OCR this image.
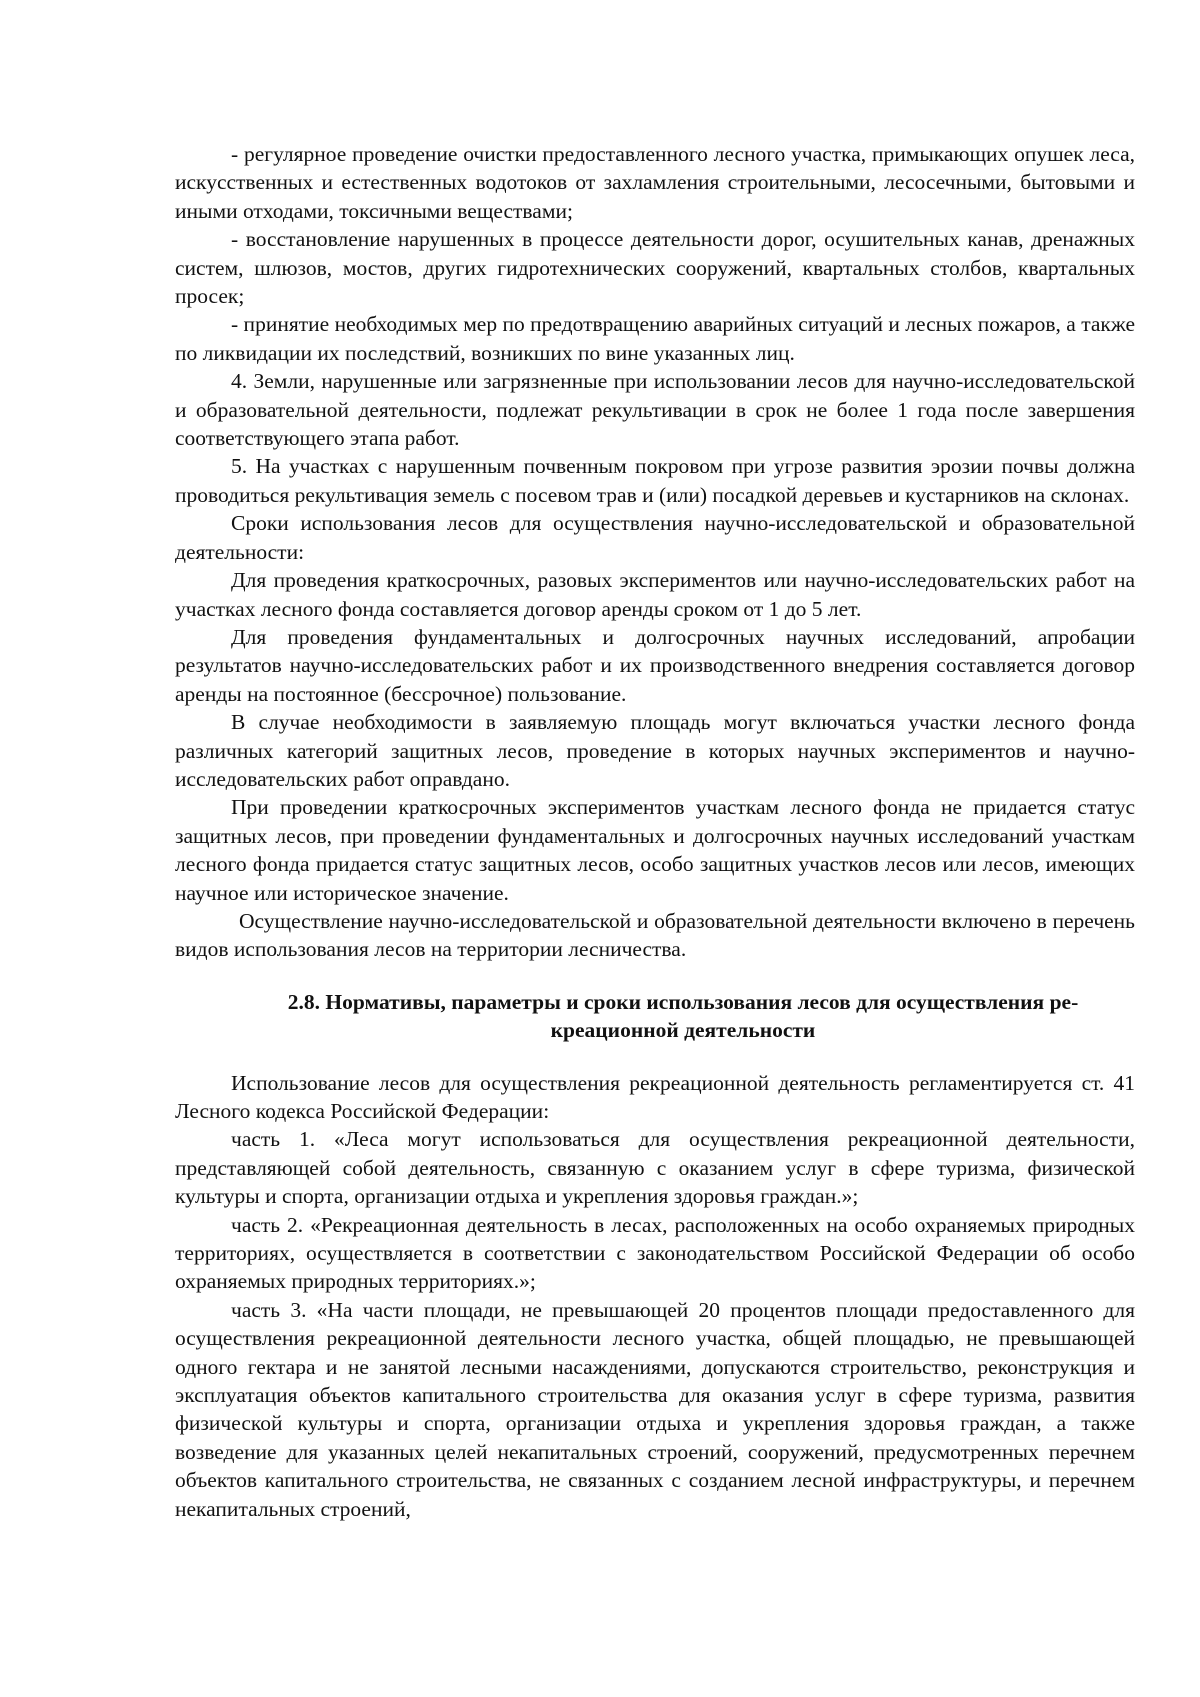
- регулярное проведение очистки предоставленного лесного участка, примыкающих опушек леса, искусственных и естественных водотоков от захламления строительными, лесосечными, бытовыми и иными отходами, токсичными веществами;

- восстановление нарушенных в процессе деятельности дорог, осушительных канав, дренажных систем, шлюзов, мостов, других гидротехнических сооружений, квартальных столбов, квартальных просек;

- принятие необходимых мер по предотвращению аварийных ситуаций и лесных пожаров, а также по ликвидации их последствий, возникших по вине указанных лиц.

4. Земли, нарушенные или загрязненные при использовании лесов для научно-исследовательской и образовательной деятельности, подлежат рекультивации в срок не более 1 года после завершения соответствующего этапа работ.

5. На участках с нарушенным почвенным покровом при угрозе развития эрозии почвы должна проводиться рекультивация земель с посевом трав и (или) посадкой деревьев и кустарников на склонах.

Сроки использования лесов для осуществления научно-исследовательской и образовательной деятельности:

Для проведения краткосрочных, разовых экспериментов или научно-исследовательских работ на участках лесного фонда составляется договор аренды сроком от 1 до 5 лет.

Для проведения фундаментальных и долгосрочных научных исследований, апробации результатов научно-исследовательских работ и их производственного внедрения составляется договор аренды на постоянное (бессрочное) пользование.

В случае необходимости в заявляемую площадь могут включаться участки лесного фонда различных категорий защитных лесов, проведение в которых научных экспериментов и научно-исследовательских работ оправдано.

При проведении краткосрочных экспериментов участкам лесного фонда не придается статус защитных лесов, при проведении фундаментальных и долгосрочных научных исследований участкам лесного фонда придается статус защитных лесов, особо защитных участков лесов или лесов, имеющих научное или историческое значение.

Осуществление научно-исследовательской и образовательной деятельности включено в перечень видов использования лесов на территории лесничества.

2.8. Нормативы, параметры и сроки использования лесов для осуществления рекреационной деятельности

Использование лесов для осуществления рекреационной деятельность регламентируется ст. 41 Лесного кодекса Российской Федерации:

часть 1. «Леса могут использоваться для осуществления рекреационной деятельности, представляющей собой деятельность, связанную с оказанием услуг в сфере туризма, физической культуры и спорта, организации отдыха и укрепления здоровья граждан.»;

часть 2. «Рекреационная деятельность в лесах, расположенных на особо охраняемых природных территориях, осуществляется в соответствии с законодательством Российской Федерации об особо охраняемых природных территориях.»;

часть 3. «На части площади, не превышающей 20 процентов площади предоставленного для осуществления рекреационной деятельности лесного участка, общей площадью, не превышающей одного гектара и не занятой лесными насаждениями, допускаются строительство, реконструкция и эксплуатация объектов капитального строительства для оказания услуг в сфере туризма, развития физической культуры и спорта, организации отдыха и укрепления здоровья граждан, а также возведение для указанных целей некапитальных строений, сооружений, предусмотренных перечнем объектов капитального строительства, не связанных с созданием лесной инфраструктуры, и перечнем некапитальных строений,
